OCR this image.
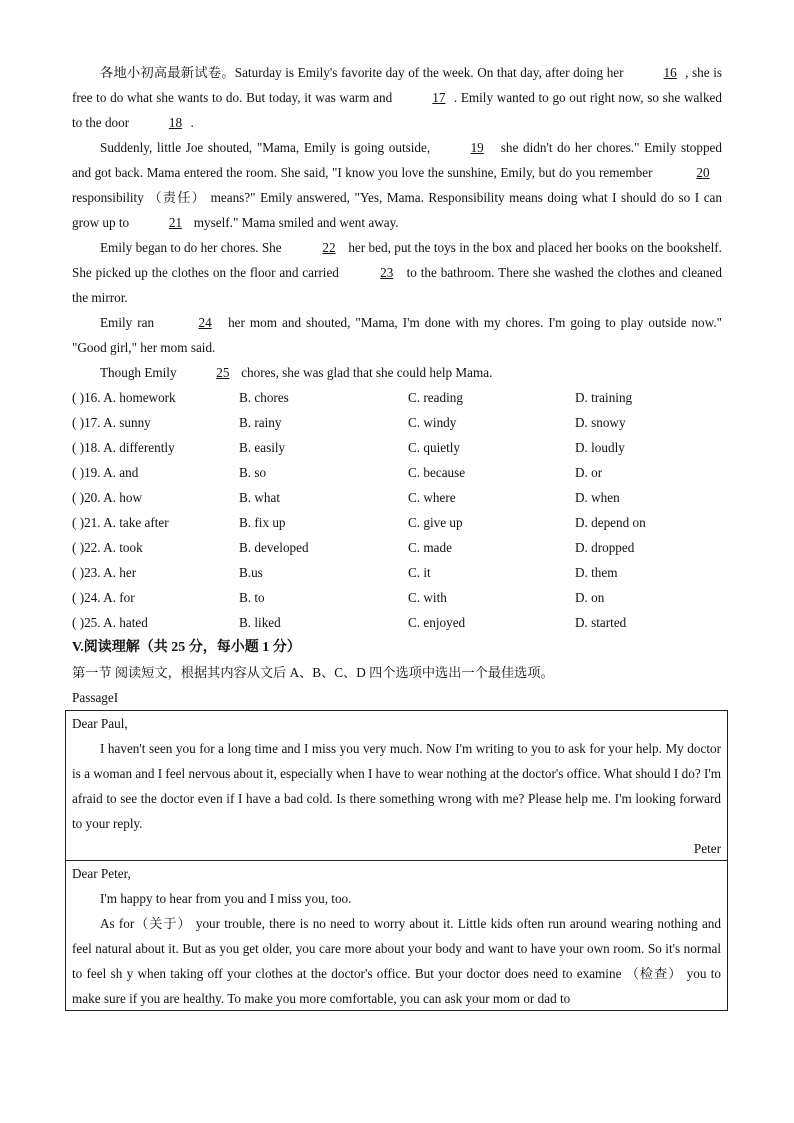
各地小初高最新试卷。Saturday is Emily's favorite day of the week. On that day, after doing her	16 , she is free to do what she wants to do. But today, it was warm and	17 . Emily wanted to go out right now, so she walked to the door	18 .

Suddenly, little Joe shouted, "Mama, Emily is going outside,	19 she didn't do her chores." Emily stopped and got back. Mama entered the room. She said, "I know you love the sunshine, Emily, but do you remember	20 responsibility （责任） means?" Emily answered, "Yes, Mama. Responsibility means doing what I should do so I can grow up to	21 myself." Mama smiled and went away.

Emily began to do her chores. She	22 her bed, put the toys in the box and placed her books on the bookshelf. She picked up the clothes on the floor and carried	23 to the bathroom. There she washed the clothes and cleaned the mirror.

Emily ran	24 her mom and shouted, "Mama, I'm done with my chores. I'm going to play outside now." "Good girl," her mom said.

Though Emily	25 chores, she was glad that she could help Mama.

( )16. A. homework	B. chores	C. reading	D. training
( )17. A. sunny	B. rainy	C. windy	D. snowy
( )18. A. differently	B. easily	C. quietly	D. loudly
( )19. A. and	B. so	C. because	D. or
( )20. A. how	B. what	C. where	D. when
( )21. A. take after	B. fix up	C. give up	D. depend on
( )22. A. took	B. developed	C. made	D. dropped
( )23. A. her	B.us	C. it	D. them
( )24. A. for	B. to	C. with	D. on
( )25. A. hated	B. liked	C. enjoyed	D. started
V.阅读理解（共 25 分，每小题 1 分）

第一节 阅读短文，根据其内容从文后 A、B、C、D 四个选项中选出一个最佳选项。

PassageI

Dear Paul,

I haven't seen you for a long time and I miss you very much. Now I'm writing to you to ask for your help. My doctor is a woman and I feel nervous about it, especially when I have to wear nothing at the doctor's office. What should I do? I'm afraid to see the doctor even if I have a bad cold. Is there something wrong with me? Please help me. I'm looking forward to your reply.

Peter

Dear Peter,

I'm happy to hear from you and I miss you, too.

As for（关于） your trouble, there is no need to worry about it. Little kids often run around wearing nothing and feel natural about it. But as you get older, you care more about your body and want to have your own room. So it's normal to feel sh y when taking off your clothes at the doctor's office. But your doctor does need to examine （检查） you to make sure if you are healthy. To make you more comfortable, you can ask your mom or dad to
